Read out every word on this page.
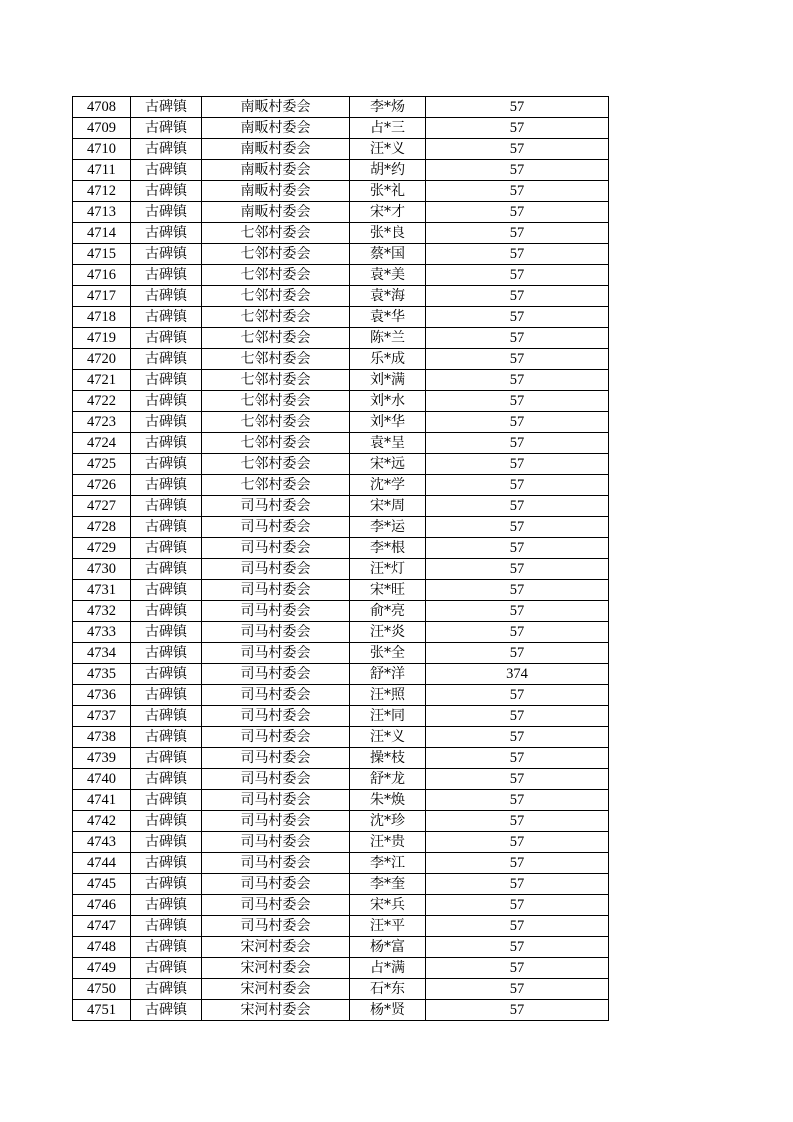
4708	古碑镇	南畈村委会	李*炀	57
4709	古碑镇	南畈村委会	占*三	57
4710	古碑镇	南畈村委会	汪*义	57
4711	古碑镇	南畈村委会	胡*约	57
4712	古碑镇	南畈村委会	张*礼	57
4713	古碑镇	南畈村委会	宋*才	57
4714	古碑镇	七邻村委会	张*良	57
4715	古碑镇	七邻村委会	蔡*国	57
4716	古碑镇	七邻村委会	袁*美	57
4717	古碑镇	七邻村委会	袁*海	57
4718	古碑镇	七邻村委会	袁*华	57
4719	古碑镇	七邻村委会	陈*兰	57
4720	古碑镇	七邻村委会	乐*成	57
4721	古碑镇	七邻村委会	刘*满	57
4722	古碑镇	七邻村委会	刘*水	57
4723	古碑镇	七邻村委会	刘*华	57
4724	古碑镇	七邻村委会	袁*呈	57
4725	古碑镇	七邻村委会	宋*远	57
4726	古碑镇	七邻村委会	沈*学	57
4727	古碑镇	司马村委会	宋*周	57
4728	古碑镇	司马村委会	李*运	57
4729	古碑镇	司马村委会	李*根	57
4730	古碑镇	司马村委会	汪*灯	57
4731	古碑镇	司马村委会	宋*旺	57
4732	古碑镇	司马村委会	俞*亮	57
4733	古碑镇	司马村委会	汪*炎	57
4734	古碑镇	司马村委会	张*全	57
4735	古碑镇	司马村委会	舒*洋	374
4736	古碑镇	司马村委会	汪*照	57
4737	古碑镇	司马村委会	汪*同	57
4738	古碑镇	司马村委会	汪*义	57
4739	古碑镇	司马村委会	操*枝	57
4740	古碑镇	司马村委会	舒*龙	57
4741	古碑镇	司马村委会	朱*焕	57
4742	古碑镇	司马村委会	沈*珍	57
4743	古碑镇	司马村委会	汪*贵	57
4744	古碑镇	司马村委会	李*江	57
4745	古碑镇	司马村委会	李*奎	57
4746	古碑镇	司马村委会	宋*兵	57
4747	古碑镇	司马村委会	汪*平	57
4748	古碑镇	宋河村委会	杨*富	57
4749	古碑镇	宋河村委会	占*满	57
4750	古碑镇	宋河村委会	石*东	57
4751	古碑镇	宋河村委会	杨*贤	57
